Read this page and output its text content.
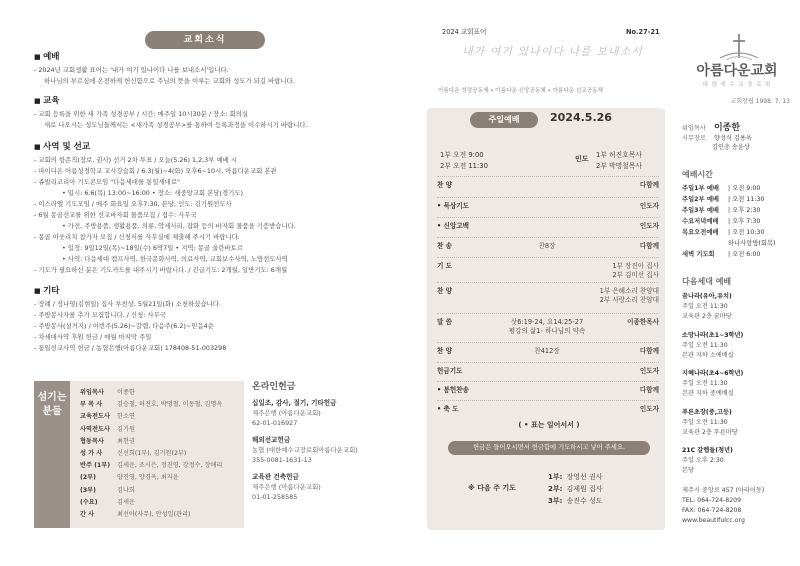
교회소식
■ 예배
- 2024년 교회생활 표어는 '내가 여기 있나이다 나를 보내소서'입니다.
하나님의 부르심에 온전하게 헌신함으로 주님의 뜻을 이루는 교회와 성도가 되길 바랍니다.
■ 교육
- 교회 등록을 위한 새 가족 성경공부 / 시간: 매주일 10시30분 / 장소: 회의실
새로 나오시는 성도님들께서는 <새가족 성경공부>를 통하여 등록과정을 이수하시기 바랍니다.
■ 사역 및 선교
- 교회의 항존직(장로, 권사) 선거 2차 투표 / 오늘(5.26) 1,2,3부 예배 시
- 파이디온 어름성경학교 교사강습회 / 6.3(월)~4(화) 오후6~10시, 아름다운교회 본관
- 쥬빌리코리아 기도콘모임 "다음세대를 통일세대로"
• 일시: 6.6(목) 13:00~16:00 • 장소: 새중앙교회 본당(경기도)
- 이스라엘 기도모임 / 매주 화요일 오후7:30, 본당, 인도: 김기원전도사
- 6월 몽골선교를 위한 선교바자회 물품모집 / 접수: 사무국
• 가전, 주방용품, 생활용품, 의류, 악세사리, 잡화 등의 바자회 물품을 기증받습니다.
- 몽골 아웃리치 참가자 모집 / 신청서를 사무실에 제출해 주시기 바랍니다.
• 일정: 9일12일(목)~18일(수) 6박7일 • 지역: 몽골 울란바토르
• 사역: 다음세대 캠프사역, 한국문화사역, 의료사역, 교회보수사역, 노방전도사역
- 기도가 필요하신 분은 기도카드를 내주시기 바랍니다. / 긴급기도: 2개월, 일반기도: 6개월
■ 기타
- 장례 / 정나영(김현일) 집사 부친상, 5월21일(화) 소천하셨습니다.
- 주방봉사자를 추가 모집합니다. / 신청: 사무국
- 주방봉사(설거지) / 이번주(5.26)~갈렙, 다음주(6.2)~믿음4순
- 차세대사역 후원 헌금 / 매월 마지막 주일
- 통일선교사역 헌금 / 농협은행(아름다운교회) 178408-51-003298
섬기는 분들
위임목사 이종한
부 목 사 김승철, 허진호, 박명철, 이동철, 김명옥
교육전도사 한소연
사역전도사 김기원
협동목사 최헌권
성 가 사 신선희(1부), 김기원(2부)
반주 (1부) 김세운, 조시은, 정진영, 강정수, 장애리
(2부)	양진영, 양경옥, 최지윤
(3부)	김나희
(수요)	김세운
간 사	최선아(사무), 안성일(관리)
온라인헌금
십일조, 감사, 절기, 기타헌금
제주은행 (아름다운교회)
62-01-016927
해외선교헌금
농협 (대한예수교장로회아름다운교회)
355-0081-1631-13
교육관 건축헌금
제주은행 (아름다운교회)
01-01-258585
2024 교회표어	No.27-21
내가 여기 있나이다 나를 보내소서
아름다운 성령공동체 • 아름다운 신앙공동체 • 아름다운 선교공동체
주일예배	2024.5.26
1부 오전 9:00
2부 오전 11:30
인도 1부 허진호목사
2부 박명철목사
찬 양	다함께
• 묵상기도	인도자
• 신앙고백	인도자
찬 송	찬8장	다함께
기 도	1부 장진아 집사
2부 김미선 집사
찬 양	1부 은혜소리 찬양대
2부 사랑소리 찬양대
말 씀	삿6:19-24, 요14:25-27
평강의 삶1- 하나님의 약속
이종한목사
찬 양	찬412장	다함께
헌금기도	인도자
• 봉헌찬송	다함께
• 축 도	인도자
( • 표는 일어서서 )
헌금은 들어오시면서 헌금함에 기도하시고 넣어 주세요.
※ 다음 주 기도
1부: 장영선 권사
2부: 김제원 집사
3부: 송진수 성도
아름다운교회
대 한 예 수 교 장 로 회
교회창립 1998. 7. 13
위임목사 이종한
시무장로 양성식 김용욱
김인충 송윤상
예배시간
주일1부 예배 | 오전 9:00
주일2부 예배 | 오전 11:30
주일3부 예배 | 오후 2:30
수요저녁예배 | 오후 7:30
목요오전예배 | 오전 10:30
하나사랑방(회복)
새벽 기도회 | 오전 6:00
다음세대 예배
꿈나라(유아,유치)
주일 오전 11:30
교육관 2층 꿈마당
소망나라(초1~3학년)
주일 오전 11:30
본관 지하 소예배실
지혜나라(초4~6학년)
주일 오전 11:30
본관 지하 중예배실
푸른초장(중,고등)
주일 오전 11:30
교육관 2층 푸른마당
21C 갈렙들(청년)
주일 오후 2:30
본당
제주시 중앙로 457 (아라이동)
TEL: 064-724-8209
FAX: 064-724-8208
www.beautifulcc.org
